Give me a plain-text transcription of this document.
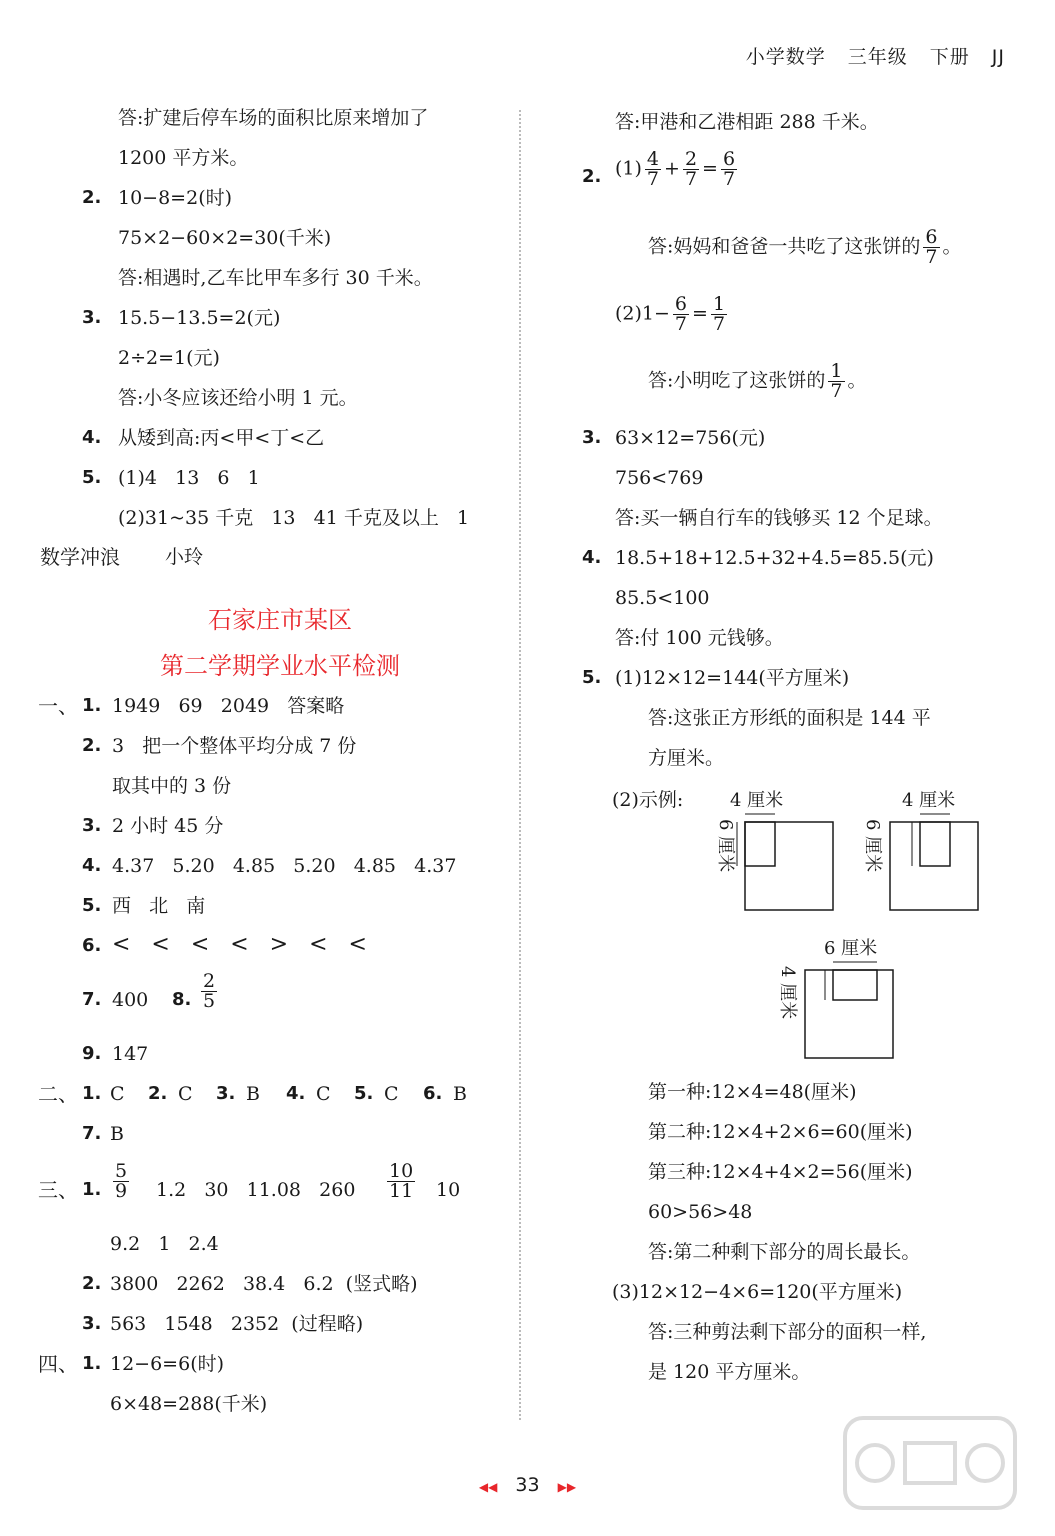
小学数学 三年级 下册 JJ
答:扩建后停车场的面积比原来增加了
1200 平方米。
2. 10−8=2(时)
75×2−60×2=30(千米)
答:相遇时,乙车比甲车多行 30 千米。
3. 15.5−13.5=2(元)
2÷2=1(元)
答:小冬应该还给小明 1 元。
4. 从矮到高:丙<甲<丁<乙
5. (1)4   13   6   1
(2)31~35 千克   13   41 千克及以上   1
数学冲浪 小玲
石家庄市某区
第二学期学业水平检测
一、 1. 1949   69   2049   答案略
2. 3   把一个整体平均分成 7 份
取其中的 3 份
3. 2 小时 45 分
4. 4.37   5.20   4.85   5.20   4.85   4.37
5. 西   北   南
6. <   <   <   <   >   <   <
7. 400 8. $\frac{2}{5}$
9. 147
二、 1. C 2. C 3. B 4. C 5. C 6. B
7. B
三、 1. $\frac{5}{9} 1.2$   30   11.08   $260 \frac{10}{11} 10$
9.2   1   2.4
2. 3800   2262   38.4   6.2  (竖式略)
3. 563   1548   2352  (过程略)
四、 1. 12−6=6(时)
6×48=288(千米)
答:甲港和乙港相距 288 千米。
2. $(1) \frac{4}{7} + \frac{2}{7} = \frac{6}{7}$
答:妈妈和爸爸一共吃了这张饼的 $\frac{6}{7}$ 。
$(2)1- \frac{6}{7} = \frac{1}{7}$
答:小明吃了这张饼的 $\frac{1}{7}$ 。
3. 63×12=756(元)
756<769
答:买一辆自行车的钱够买 12 个足球。
4. 18.5+18+12.5+32+4.5=85.5(元)
85.5<100
答:付 100 元钱够。
5. (1)12×12=144(平方厘米)
答:这张正方形纸的面积是 144 平
方厘米。
(2)示例:	4 厘米
6 厘米
4 厘米
6 厘米
6 厘米
4 厘米
第一种:12×4=48(厘米)
第二种:12×4+2×6=60(厘米)
第三种:12×4+4×2=56(厘米)
60>56>48
答:第二种剩下部分的周长最长。
(3)12×12−4×6=120(平方厘米)
答:三种剪法剩下部分的面积一样,
是 120 平方厘米。
◀◀ 33 ▶▶
